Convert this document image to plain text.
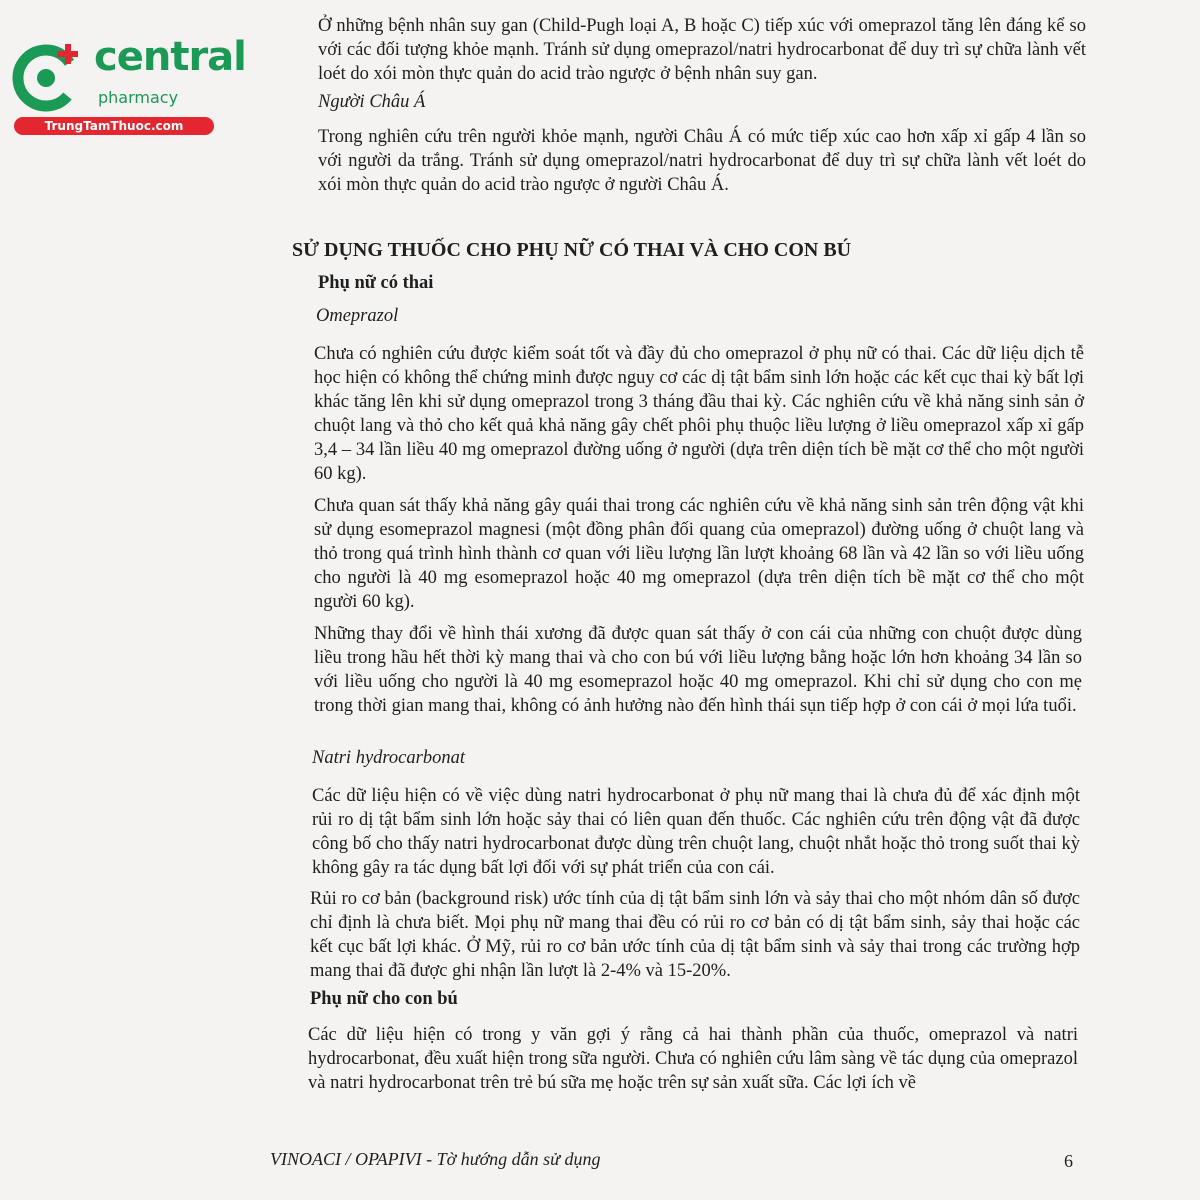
central
pharmacy
TrungTamThuoc.com

Ở những bệnh nhân suy gan (Child-Pugh loại A, B hoặc C) tiếp xúc với omeprazol tăng lên đáng kể so với các đối tượng khỏe mạnh. Tránh sử dụng omeprazol/natri hydrocarbonat để duy trì sự chữa lành vết loét do xói mòn thực quản do acid trào ngược ở bệnh nhân suy gan.

Người Châu Á

Trong nghiên cứu trên người khỏe mạnh, người Châu Á có mức tiếp xúc cao hơn xấp xỉ gấp 4 lần so với người da trắng. Tránh sử dụng omeprazol/natri hydrocarbonat để duy trì sự chữa lành vết loét do xói mòn thực quản do acid trào ngược ở người Châu Á.

SỬ DỤNG THUỐC CHO PHỤ NỮ CÓ THAI VÀ CHO CON BÚ

Phụ nữ có thai

Omeprazol

Chưa có nghiên cứu được kiểm soát tốt và đầy đủ cho omeprazol ở phụ nữ có thai. Các dữ liệu dịch tễ học hiện có không thể chứng minh được nguy cơ các dị tật bẩm sinh lớn hoặc các kết cục thai kỳ bất lợi khác tăng lên khi sử dụng omeprazol trong 3 tháng đầu thai kỳ. Các nghiên cứu về khả năng sinh sản ở chuột lang và thỏ cho kết quả khả năng gây chết phôi phụ thuộc liều lượng ở liều omeprazol xấp xỉ gấp 3,4 – 34 lần liều 40 mg omeprazol đường uống ở người (dựa trên diện tích bề mặt cơ thể cho một người 60 kg).

Chưa quan sát thấy khả năng gây quái thai trong các nghiên cứu về khả năng sinh sản trên động vật khi sử dụng esomeprazol magnesi (một đồng phân đối quang của omeprazol) đường uống ở chuột lang và thỏ trong quá trình hình thành cơ quan với liều lượng lần lượt khoảng 68 lần và 42 lần so với liều uống cho người là 40 mg esomeprazol hoặc 40 mg omeprazol (dựa trên diện tích bề mặt cơ thể cho một người 60 kg).

Những thay đổi về hình thái xương đã được quan sát thấy ở con cái của những con chuột được dùng liều trong hầu hết thời kỳ mang thai và cho con bú với liều lượng bằng hoặc lớn hơn khoảng 34 lần so với liều uống cho người là 40 mg esomeprazol hoặc 40 mg omeprazol. Khi chỉ sử dụng cho con mẹ trong thời gian mang thai, không có ảnh hưởng nào đến hình thái sụn tiếp hợp ở con cái ở mọi lứa tuổi.

Natri hydrocarbonat

Các dữ liệu hiện có về việc dùng natri hydrocarbonat ở phụ nữ mang thai là chưa đủ để xác định một rủi ro dị tật bẩm sinh lớn hoặc sảy thai có liên quan đến thuốc. Các nghiên cứu trên động vật đã được công bố cho thấy natri hydrocarbonat được dùng trên chuột lang, chuột nhắt hoặc thỏ trong suốt thai kỳ không gây ra tác dụng bất lợi đối với sự phát triển của con cái.

Rủi ro cơ bản (background risk) ước tính của dị tật bẩm sinh lớn và sảy thai cho một nhóm dân số được chỉ định là chưa biết. Mọi phụ nữ mang thai đều có rủi ro cơ bản có dị tật bẩm sinh, sảy thai hoặc các kết cục bất lợi khác. Ở Mỹ, rủi ro cơ bản ước tính của dị tật bẩm sinh và sảy thai trong các trường hợp mang thai đã được ghi nhận lần lượt là 2-4% và 15-20%.

Phụ nữ cho con bú

Các dữ liệu hiện có trong y văn gợi ý rằng cả hai thành phần của thuốc, omeprazol và natri hydrocarbonat, đều xuất hiện trong sữa người. Chưa có nghiên cứu lâm sàng về tác dụng của omeprazol và natri hydrocarbonat trên trẻ bú sữa mẹ hoặc trên sự sản xuất sữa. Các lợi ích về

VINOACI / OPAPIVI - Tờ hướng dẫn sử dụng	6
